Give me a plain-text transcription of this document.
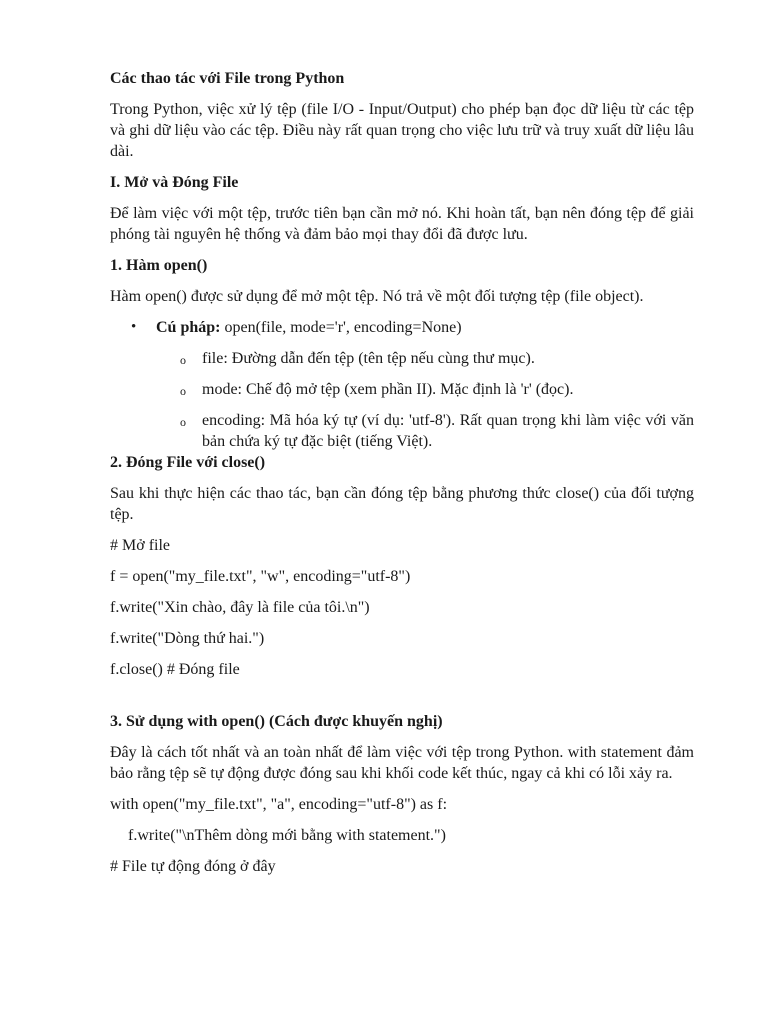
Các thao tác với File trong Python

Trong Python, việc xử lý tệp (file I/O - Input/Output) cho phép bạn đọc dữ liệu từ các tệp và ghi dữ liệu vào các tệp. Điều này rất quan trọng cho việc lưu trữ và truy xuất dữ liệu lâu dài.

I. Mở và Đóng File

Để làm việc với một tệp, trước tiên bạn cần mở nó. Khi hoàn tất, bạn nên đóng tệp để giải phóng tài nguyên hệ thống và đảm bảo mọi thay đổi đã được lưu.

1. Hàm open()

Hàm open() được sử dụng để mở một tệp. Nó trả về một đối tượng tệp (file object).

• Cú pháp: open(file, mode='r', encoding=None)
o file: Đường dẫn đến tệp (tên tệp nếu cùng thư mục).
o mode: Chế độ mở tệp (xem phần II). Mặc định là 'r' (đọc).
o encoding: Mã hóa ký tự (ví dụ: 'utf-8'). Rất quan trọng khi làm việc với văn bản chứa ký tự đặc biệt (tiếng Việt).

2. Đóng File với close()

Sau khi thực hiện các thao tác, bạn cần đóng tệp bằng phương thức close() của đối tượng tệp.

# Mở file
f = open("my_file.txt", "w", encoding="utf-8")
f.write("Xin chào, đây là file của tôi.\n")
f.write("Dòng thứ hai.")
f.close() # Đóng file

3. Sử dụng with open() (Cách được khuyến nghị)

Đây là cách tốt nhất và an toàn nhất để làm việc với tệp trong Python. with statement đảm bảo rằng tệp sẽ tự động được đóng sau khi khối code kết thúc, ngay cả khi có lỗi xảy ra.

with open("my_file.txt", "a", encoding="utf-8") as f:
f.write("\nThêm dòng mới bằng with statement.")
# File tự động đóng ở đây
